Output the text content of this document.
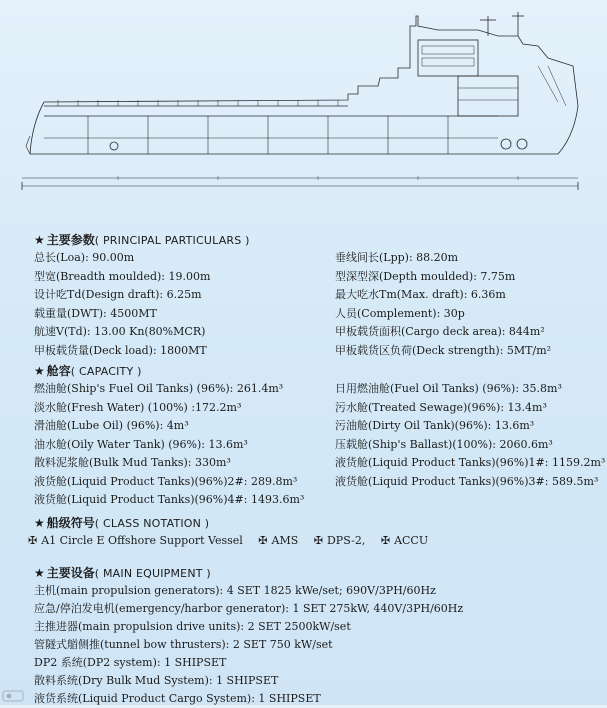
★ 主要参数( PRINCIPAL PARTICULARS )
总长(Loa): 90.00m	垂线间长(Lpp): 88.20m
型宽(Breadth moulded): 19.00m	型深型深(Depth moulded): 7.75m
设计吃Td(Design draft): 6.25m	最大吃水Tm(Max. draft): 6.36m
载重量(DWT): 4500MT	人员(Complement): 30p
航速V(Td): 13.00 Kn(80%MCR)	甲板载货面积(Cargo deck area): 844m²
甲板载货量(Deck load): 1800MT	甲板载货区负荷(Deck strength): 5MT/m²
★ 舱容( CAPACITY )
燃油舱(Ship's Fuel Oil Tanks) (96%): 261.4m³	日用燃油舱(Fuel Oil Tanks) (96%): 35.8m³
淡水舱(Fresh Water) (100%) :172.2m³	污水舱(Treated Sewage)(96%): 13.4m³
滑油舱(Lube Oil) (96%): 4m³	污油舱(Dirty Oil Tank)(96%): 13.6m³
油水舱(Oily Water Tank) (96%): 13.6m³	压载舱(Ship's Ballast)(100%): 2060.6m³
散料泥浆舱(Bulk Mud Tanks): 330m³	液货舱(Liquid Product Tanks)(96%)1#: 1159.2m³
液货舱(Liquid Product Tanks)(96%)2#: 289.8m³	液货舱(Liquid Product Tanks)(96%)3#: 589.5m³
液货舱(Liquid Product Tanks)(96%)4#: 1493.6m³
★ 船级符号( CLASS NOTATION )
✠ A1 Circle E Offshore Support Vessel ✠ AMS ✠ DPS-2, ✠ ACCU
★ 主要设备( MAIN EQUIPMENT )
主机(main propulsion generators): 4 SET 1825 kWe/set; 690V/3PH/60Hz
应急/停泊发电机(emergency/harbor generator): 1 SET 275kW, 440V/3PH/60Hz
主推进器(main propulsion drive units): 2 SET 2500kW/set
管隧式艏侧推(tunnel bow thrusters): 2 SET 750 kW/set
DP2 系统(DP2 system): 1 SHIPSET
散料系统(Dry Bulk Mud System): 1 SHIPSET
液货系统(Liquid Product Cargo System): 1 SHIPSET
